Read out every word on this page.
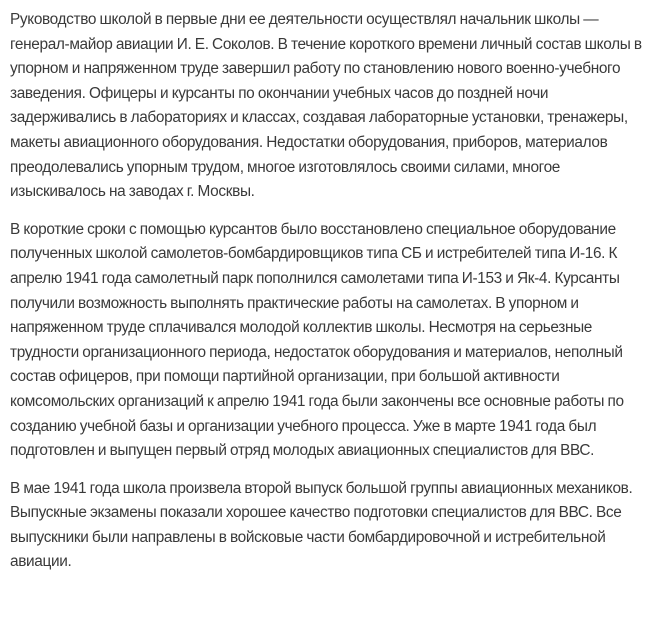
Руководство школой в первые дни ее деятельности осуществлял начальник школы — генерал-майор авиации И. Е. Соколов. В течение короткого времени личный состав школы в упорном и напряженном труде завершил работу по становлению нового военно-учебного заведения. Офицеры и курсанты по окончании учебных часов до поздней ночи задерживались в лабораториях и классах, создавая лабораторные установки, тренажеры, макеты авиационного оборудования. Недостатки оборудования, приборов, материалов преодолевались упорным трудом, многое изготовлялось своими силами, многое изыскивалось на заводах г. Москвы.

В короткие сроки с помощью курсантов было восстановлено специальное оборудование полученных школой самолетов-бомбардировщиков типа СБ и истребителей типа И-16. К апрелю 1941 года самолетный парк пополнился самолетами типа И-153 и Як-4. Курсанты получили возможность выполнять практические работы на самолетах. В упорном и напряженном труде сплачивался молодой коллектив школы. Несмотря на серьезные трудности организационного периода, недостаток оборудования и материалов, неполный состав офицеров, при помощи партийной организации, при большой активности комсомольских организаций к апрелю 1941 года были закончены все основные работы по созданию учебной базы и организации учебного процесса. Уже в марте 1941 года был подготовлен и выпущен первый отряд молодых авиационных специалистов для ВВС.

В мае 1941 года школа произвела второй выпуск большой группы авиационных механиков. Выпускные экзамены показали хорошее качество подготовки специалистов для ВВС. Все выпускники были направлены в войсковые части бомбардировочной и истребительной авиации.
